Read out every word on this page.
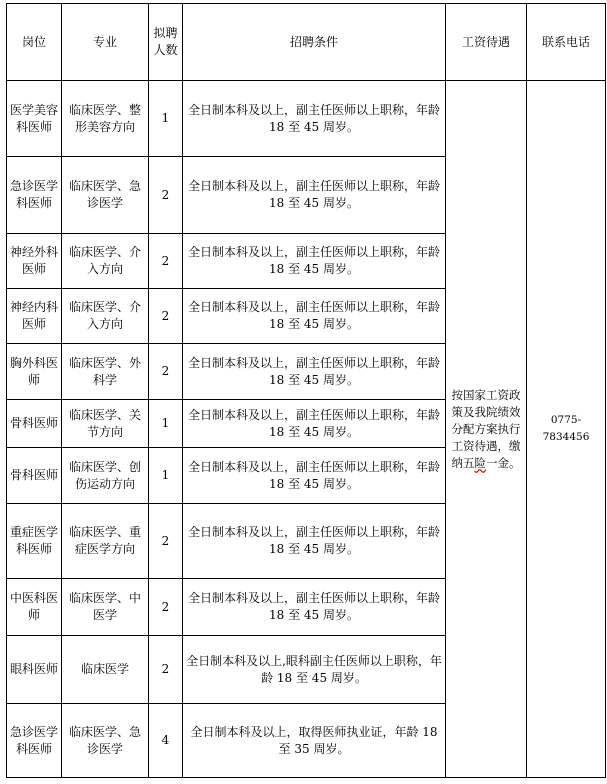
岗位	专业	拟聘人数	招聘条件	工资待遇	联系电话
医学美容科医师	临床医学、整形美容方向	1	全日制本科及以上，副主任医师以上职称，年龄 18 至 45 周岁。	按国家工资政策及我院绩效分配方案执行工资待遇，缴纳五险一金。	0775-7834456
急诊医学科医师	临床医学、急诊医学	2	全日制本科及以上，副主任医师以上职称，年龄 18 至 45 周岁。		
神经外科医师	临床医学、介入方向	2	全日制本科及以上，副主任医师以上职称，年龄 18 至 45 周岁。		
神经内科医师	临床医学、介入方向	2	全日制本科及以上，副主任医师以上职称，年龄 18 至 45 周岁。		
胸外科医师	临床医学、外科学	2	全日制本科及以上，副主任医师以上职称，年龄 18 至 45 周岁。		
骨科医师	临床医学、关节方向	1	全日制本科及以上，副主任医师以上职称，年龄 18 至 45 周岁。		
骨科医师	临床医学、创伤运动方向	1	全日制本科及以上，副主任医师以上职称，年龄 18 至 45 周岁。		
重症医学科医师	临床医学、重症医学方向	2	全日制本科及以上，副主任医师以上职称，年龄 18 至 45 周岁。		
中医科医师	临床医学、中医学	2	全日制本科及以上，副主任医师以上职称，年龄 18 至 45 周岁。		
眼科医师	临床医学	2	全日制本科及以上,眼科副主任医师以上职称，年龄 18 至 45 周岁。		
急诊医学科医师	临床医学、急诊医学	4	全日制本科及以上，取得医师执业证，年龄 18 至 35 周岁。		
